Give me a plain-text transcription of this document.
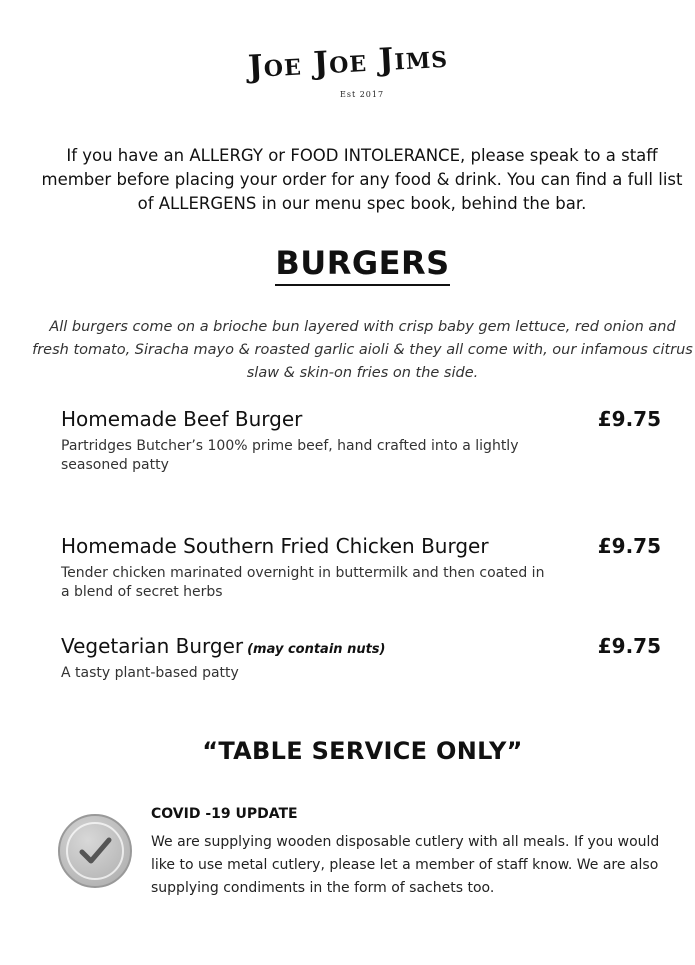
Joe Joe Jims
Est 2017
If you have an ALLERGY or FOOD INTOLERANCE, please speak to a staff member before placing your order for any food & drink. You can find a full list of ALLERGENS in our menu spec book, behind the bar.
BURGERS
All burgers come on a brioche bun layered with crisp baby gem lettuce, red onion and fresh tomato, Siracha mayo & roasted garlic aioli & they all come with, our infamous citrus slaw & skin-on fries on the side.
Homemade Beef Burger	£9.75
Partridges Butcher’s 100% prime beef, hand crafted into a lightly seasoned patty
Homemade Southern Fried Chicken Burger	£9.75
Tender chicken marinated overnight in buttermilk and then coated in a blend of secret herbs
Vegetarian Burger (may contain nuts)	£9.75
A tasty plant-based patty
“TABLE SERVICE ONLY”
COVID -19 UPDATE
We are supplying wooden disposable cutlery with all meals. If you would like to use metal cutlery, please let a member of staff know. We are also supplying condiments in the form of sachets too.
